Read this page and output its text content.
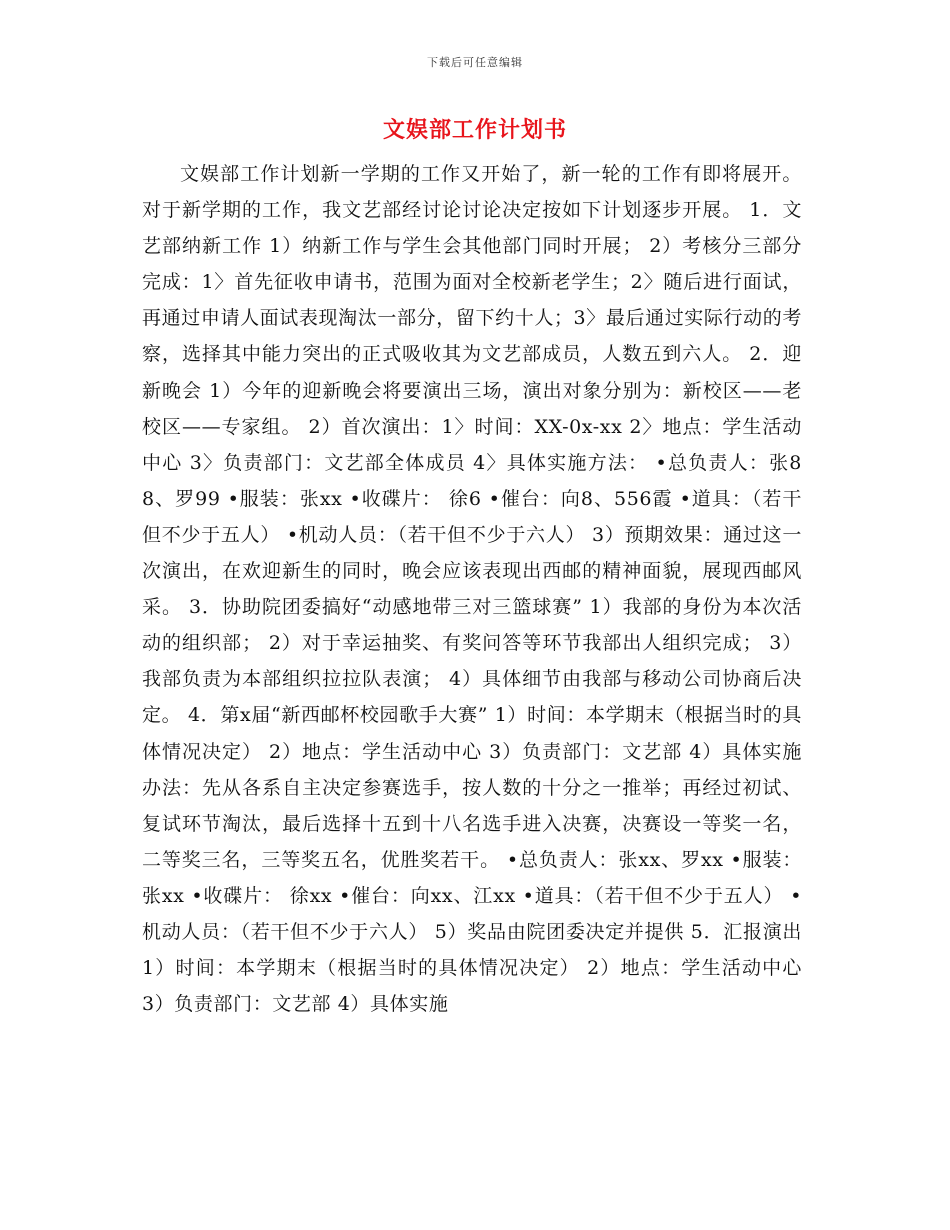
下载后可任意编辑
文娱部工作计划书

文娱部工作计划新一学期的工作又开始了，新一轮的工作有即将展开。对于新学期的工作，我文艺部经讨论讨论决定按如下计划逐步开展。 1．文艺部纳新工作 1）纳新工作与学生会其他部门同时开展； 2）考核分三部分完成：1〉首先征收申请书，范围为面对全校新老学生；2〉随后进行面试，再通过申请人面试表现淘汰一部分，留下约十人；3〉最后通过实际行动的考察，选择其中能力突出的正式吸收其为文艺部成员，人数五到六人。 2．迎新晚会 1）今年的迎新晚会将要演出三场，演出对象分别为：新校区——老校区——专家组。 2）首次演出：1〉时间：XX-0x-xx 2〉地点：学生活动中心 3〉负责部门：文艺部全体成员 4〉具体实施方法： •总负责人：张88、罗99 •服装：张xx •收碟片： 徐6 •催台：向8、556霞 •道具：（若干但不少于五人） •机动人员：（若干但不少于六人） 3）预期效果：通过这一次演出，在欢迎新生的同时，晚会应该表现出西邮的精神面貌，展现西邮风采。 3．协助院团委搞好“动感地带三对三篮球赛” 1）我部的身份为本次活动的组织部； 2）对于幸运抽奖、有奖问答等环节我部出人组织完成； 3）我部负责为本部组织拉拉队表演； 4）具体细节由我部与移动公司协商后决定。 4．第x届“新西邮杯校园歌手大赛” 1）时间：本学期末（根据当时的具体情况决定） 2）地点：学生活动中心 3）负责部门：文艺部 4）具体实施办法：先从各系自主决定参赛选手，按人数的十分之一推举；再经过初试、复试环节淘汰，最后选择十五到十八名选手进入决赛，决赛设一等奖一名，二等奖三名，三等奖五名，优胜奖若干。 •总负责人：张xx、罗xx •服装：张xx •收碟片： 徐xx •催台：向xx、江xx •道具：（若干但不少于五人） •机动人员：（若干但不少于六人） 5）奖品由院团委决定并提供 5．汇报演出 1）时间：本学期末（根据当时的具体情况决定） 2）地点：学生活动中心 3）负责部门：文艺部 4）具体实施
